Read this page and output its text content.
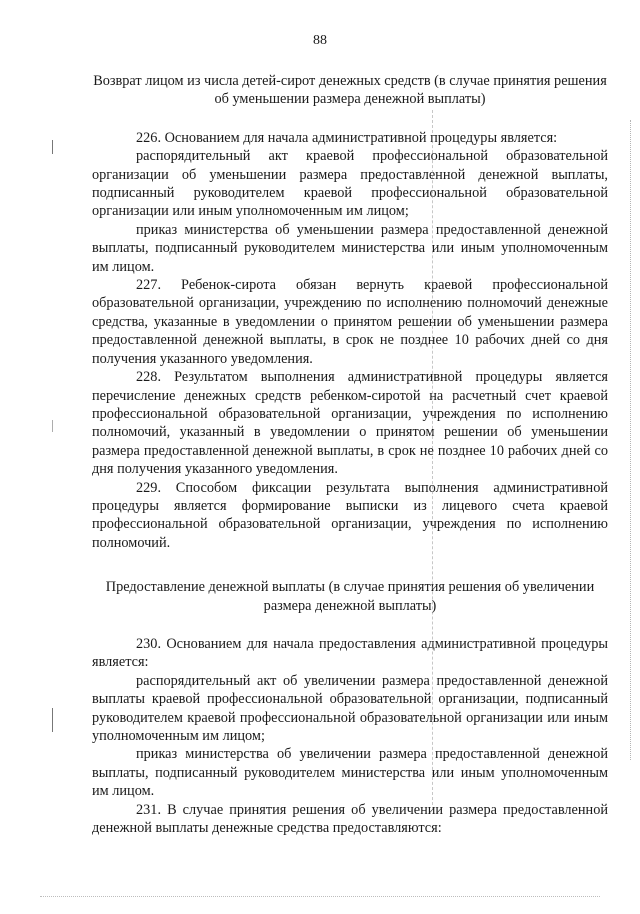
88

Возврат лицом из числа детей-сирот денежных средств (в случае принятия решения об уменьшении размера денежной выплаты)

226. Основанием для начала административной процедуры является:

распорядительный акт краевой профессиональной образовательной организации об уменьшении размера предоставленной денежной выплаты, подписанный руководителем краевой профессиональной образовательной организации или иным уполномоченным им лицом;

приказ министерства об уменьшении размера предоставленной денежной выплаты, подписанный руководителем министерства или иным уполномоченным им лицом.

227. Ребенок-сирота обязан вернуть краевой профессиональной образовательной организации, учреждению по исполнению полномочий денежные средства, указанные в уведомлении о принятом решении об уменьшении размера предоставленной денежной выплаты, в срок не позднее 10 рабочих дней со дня получения указанного уведомления.

228. Результатом выполнения административной процедуры является перечисление денежных средств ребенком-сиротой на расчетный счет краевой профессиональной образовательной организации, учреждения по исполнению полномочий, указанный в уведомлении о принятом решении об уменьшении размера предоставленной денежной выплаты, в срок не позднее 10 рабочих дней со дня получения указанного уведомления.

229. Способом фиксации результата выполнения административной процедуры является формирование выписки из лицевого счета краевой профессиональной образовательной организации, учреждения по исполнению полномочий.

Предоставление денежной выплаты (в случае принятия решения об увеличении размера денежной выплаты)

230. Основанием для начала предоставления административной процедуры является:

распорядительный акт об увеличении размера предоставленной денежной выплаты краевой профессиональной образовательной организации, подписанный руководителем краевой профессиональной образовательной организации или иным уполномоченным им лицом;

приказ министерства об увеличении размера предоставленной денежной выплаты, подписанный руководителем министерства или иным уполномоченным им лицом.

231. В случае принятия решения об увеличении размера предоставленной денежной выплаты денежные средства предоставляются:
